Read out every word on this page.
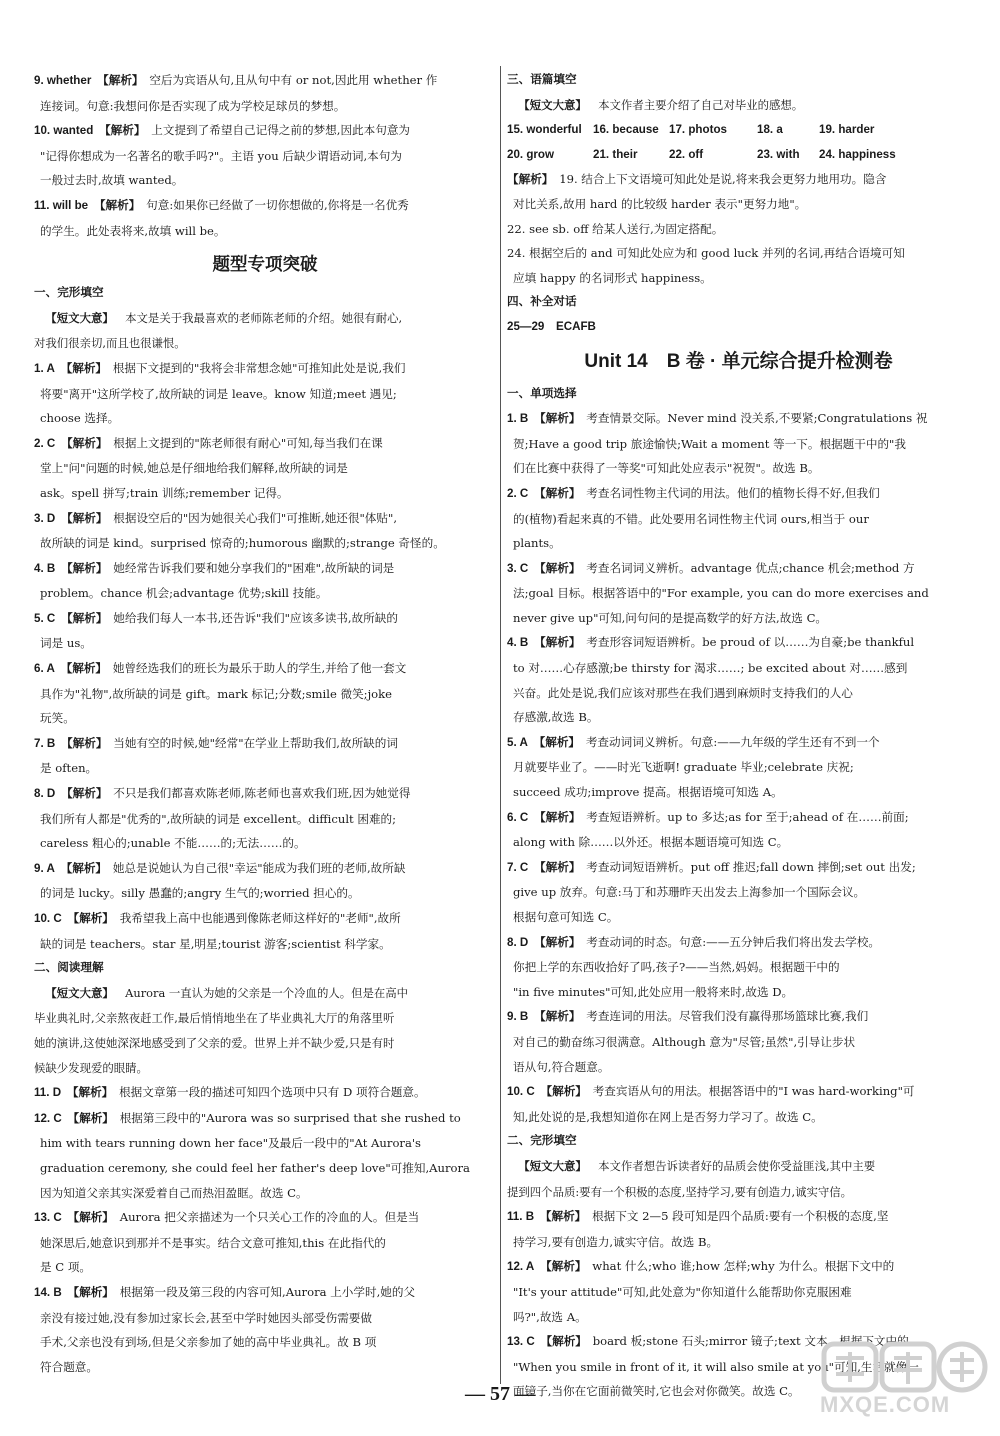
9. whether  【解析】  空后为宾语从句,且从句中有 or not,因此用 whether 作
连接词。句意:我想问你是否实现了成为学校足球员的梦想。
10. wanted  【解析】  上文提到了希望自己记得之前的梦想,因此本句意为
"记得你想成为一名著名的歌手吗?"。主语 you 后缺少谓语动词,本句为
一般过去时,故填 wanted。
11. will be  【解析】  句意:如果你已经做了一切你想做的,你将是一名优秀
的学生。此处表将来,故填 will be。
题型专项突破
一、完形填空
 【短文大意】  本文是关于我最喜欢的老师陈老师的介绍。她很有耐心,
对我们很亲切,而且也很谦恨。
1. A  【解析】  根据下文提到的"我将会非常想念她"可推知此处是说,我们
将要"离开"这所学校了,故所缺的词是 leave。know 知道;meet 遇见;
choose 选择。
2. C  【解析】  根据上文提到的"陈老师很有耐心"可知,每当我们在课
堂上"问"问题的时候,她总是仔细地给我们解释,故所缺的词是
ask。spell 拼写;train 训练;remember 记得。
3. D  【解析】  根据设空后的"因为她很关心我们"可推断,她还很"体贴",
故所缺的词是 kind。surprised 惊奇的;humorous 幽默的;strange 奇怪的。
4. B  【解析】  她经常告诉我们要和她分享我们的"困难",故所缺的词是
problem。chance 机会;advantage 优势;skill 技能。
5. C  【解析】  她给我们每人一本书,还告诉"我们"应该多读书,故所缺的
词是 us。
6. A  【解析】  她曾经选我们的班长为最乐于助人的学生,并给了他一套文
具作为"礼物",故所缺的词是 gift。mark 标记;分数;smile 微笑;joke
玩笑。
7. B  【解析】  当她有空的时候,她"经常"在学业上帮助我们,故所缺的词
是 often。
8. D  【解析】  不只是我们都喜欢陈老师,陈老师也喜欢我们班,因为她觉得
我们所有人都是"优秀的",故所缺的词是 excellent。difficult 困难的;
careless 粗心的;unable 不能……的;无法……的。
9. A  【解析】  她总是说她认为自己很"幸运"能成为我们班的老师,故所缺
的词是 lucky。silly 愚蠢的;angry 生气的;worried 担心的。
10. C  【解析】  我希望我上高中也能遇到像陈老师这样好的"老师",故所
缺的词是 teachers。star 星,明星;tourist 游客;scientist 科学家。
二、阅读理解
 【短文大意】  Aurora 一直认为她的父亲是一个冷血的人。但是在高中
毕业典礼时,父亲熬夜赶工作,最后悄悄地坐在了毕业典礼大厅的角落里听
她的演讲,这使她深深地感受到了父亲的爱。世界上并不缺少爱,只是有时
候缺少发现爱的眼睛。
11. D  【解析】  根据文章第一段的描述可知四个选项中只有 D 项符合题意。
12. C  【解析】  根据第三段中的"Aurora was so surprised that she rushed to
him with tears running down her face"及最后一段中的"At Aurora's
graduation ceremony, she could feel her father's deep love"可推知,Aurora
因为知道父亲其实深爱着自己而热泪盈眶。故选 C。
13. C  【解析】  Aurora 把父亲描述为一个只关心工作的冷血的人。但是当
她深思后,她意识到那并不是事实。结合文意可推知,this 在此指代的
是 C 项。
14. B  【解析】  根据第一段及第三段的内容可知,Aurora 上小学时,她的父
亲没有接过她,没有参加过家长会,甚至中学时她因头部受伤需要做
手术,父亲也没有到场,但是父亲参加了她的高中毕业典礼。故 B 项
符合题意。
三、语篇填空
 【短文大意】  本文作者主要介绍了自己对毕业的感想。
15. wonderful 16. because 17. photos	18. a	19. harder
20. grow	21. their	22. off	23. with	24. happiness
【解析】  19. 结合上下文语境可知此处是说,将来我会更努力地用功。隐含
对比关系,故用 hard 的比较级 harder 表示"更努力地"。
22. see sb. off 给某人送行,为固定搭配。
24. 根据空后的 and 可知此处应为和 good luck 并列的名词,再结合语境可知
应填 happy 的名词形式 happiness。
四、补全对话
25—29　ECAFB
Unit 14　B 卷 · 单元综合提升检测卷
一、单项选择
1. B  【解析】  考查情景交际。Never mind 没关系,不要紧;Congratulations 祝
贺;Have a good trip 旅途愉快;Wait a moment 等一下。根据题干中的"我
们在比赛中获得了一等奖"可知此处应表示"祝贺"。故选 B。
2. C  【解析】  考查名词性物主代词的用法。他们的植物长得不好,但我们
的(植物)看起来真的不错。此处要用名词性物主代词 ours,相当于 our
plants。
3. C  【解析】  考查名词词义辨析。advantage 优点;chance 机会;method 方
法;goal 目标。根据答语中的"For example, you can do more exercises and
never give up"可知,问句问的是提高数学的好方法,故选 C。
4. B  【解析】  考查形容词短语辨析。be proud of 以……为自豪;be thankful
to 对……心存感激;be thirsty for 渴求……; be excited about 对……感到
兴奋。此处是说,我们应该对那些在我们遇到麻烦时支持我们的人心
存感激,故选 B。
5. A  【解析】  考查动词词义辨析。句意:——九年级的学生还有不到一个
月就要毕业了。——时光飞逝啊! graduate 毕业;celebrate 庆祝;
succeed 成功;improve 提高。根据语境可知选 A。
6. C  【解析】  考查短语辨析。up to 多达;as for 至于;ahead of 在……前面;
along with 除……以外还。根据本题语境可知选 C。
7. C  【解析】  考查动词短语辨析。put off 推迟;fall down 摔倒;set out 出发;
give up 放弃。句意:马丁和苏珊昨天出发去上海参加一个国际会议。
根据句意可知选 C。
8. D  【解析】  考查动词的时态。句意:——五分钟后我们将出发去学校。
你把上学的东西收拾好了吗,孩子?——当然,妈妈。根据题干中的
"in five minutes"可知,此处应用一般将来时,故选 D。
9. B  【解析】  考查连词的用法。尽管我们没有赢得那场篮球比赛,我们
对自己的勤奋练习很满意。Although 意为"尽管;虽然",引导让步状
语从句,符合题意。
10. C  【解析】  考查宾语从句的用法。根据答语中的"I was hard-working"可
知,此处说的是,我想知道你在网上是否努力学习了。故选 C。
二、完形填空
 【短文大意】  本文作者想告诉读者好的品质会使你受益匪浅,其中主要
提到四个品质:要有一个积极的态度,坚持学习,要有创造力,诚实守信。
11. B  【解析】  根据下文 2—5 段可知是四个品质:要有一个积极的态度,坚
持学习,要有创造力,诚实守信。故选 B。
12. A  【解析】  what 什么;who 谁;how 怎样;why 为什么。根据下文中的
"It's your attitude"可知,此处意为"你知道什么能帮助你克服困难
吗?",故选 A。
13. C  【解析】  board 板;stone 石头;mirror 镜子;text 文本。根据下文中的
"When you smile in front of it, it will also smile at you"可知,生活就像一
面镜子,当你在它面前微笑时,它也会对你微笑。故选 C。
— 57 —	MXQE.COM
